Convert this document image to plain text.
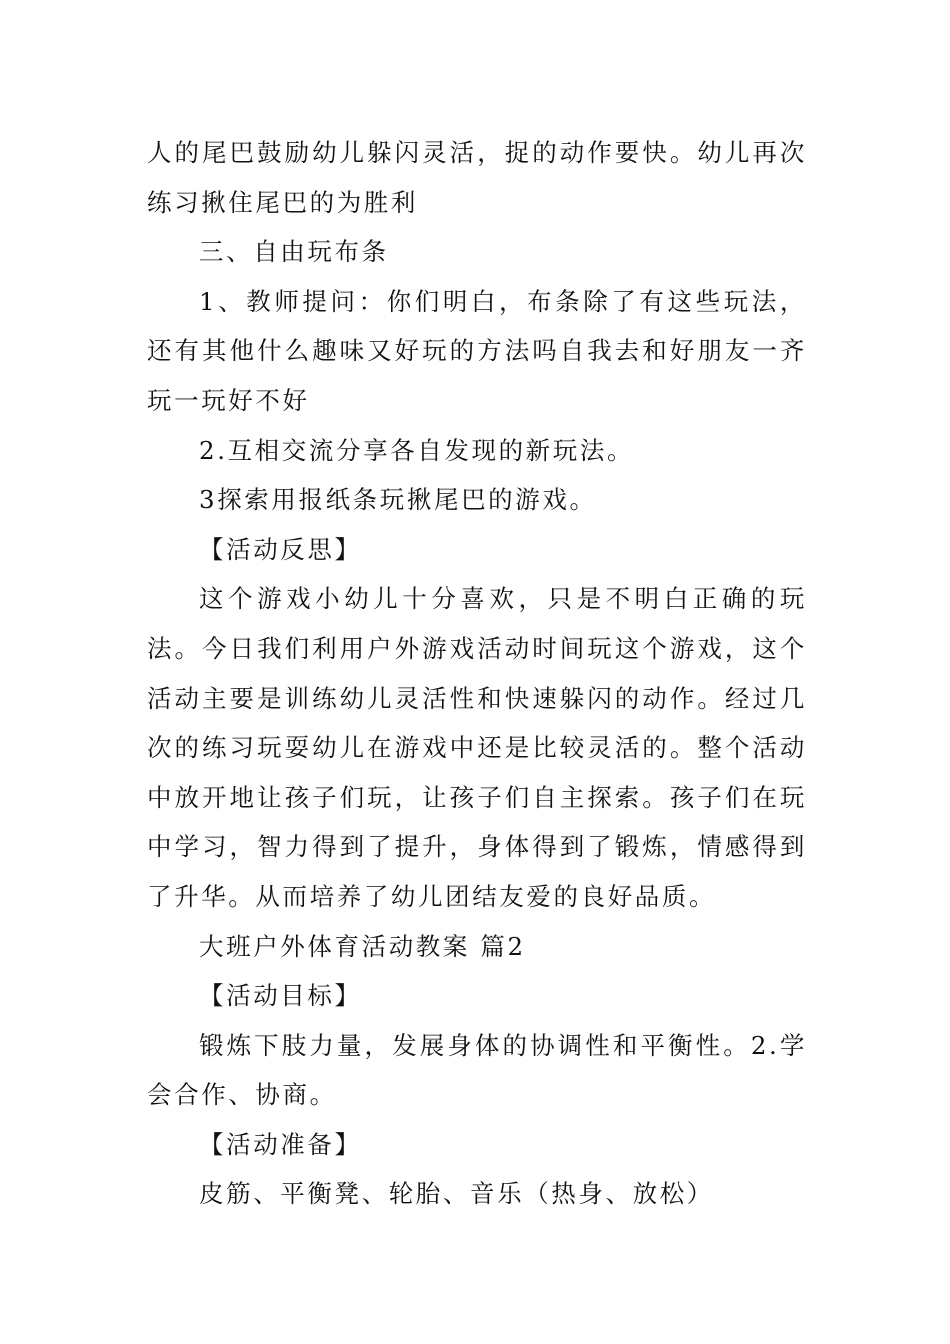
人的尾巴鼓励幼儿躲闪灵活，捉的动作要快。幼儿再次练习揪住尾巴的为胜利

三、自由玩布条

1、教师提问：你们明白，布条除了有这些玩法，还有其他什么趣味又好玩的方法吗自我去和好朋友一齐玩一玩好不好

2.互相交流分享各自发现的新玩法。

3探索用报纸条玩揪尾巴的游戏。

【活动反思】

这个游戏小幼儿十分喜欢，只是不明白正确的玩法。今日我们利用户外游戏活动时间玩这个游戏，这个活动主要是训练幼儿灵活性和快速躲闪的动作。经过几次的练习玩耍幼儿在游戏中还是比较灵活的。整个活动中放开地让孩子们玩，让孩子们自主探索。孩子们在玩中学习，智力得到了提升，身体得到了锻炼，情感得到了升华。从而培养了幼儿团结友爱的良好品质。

大班户外体育活动教案 篇2

【活动目标】

锻炼下肢力量，发展身体的协调性和平衡性。2.学会合作、协商。

【活动准备】

皮筋、平衡凳、轮胎、音乐（热身、放松）
